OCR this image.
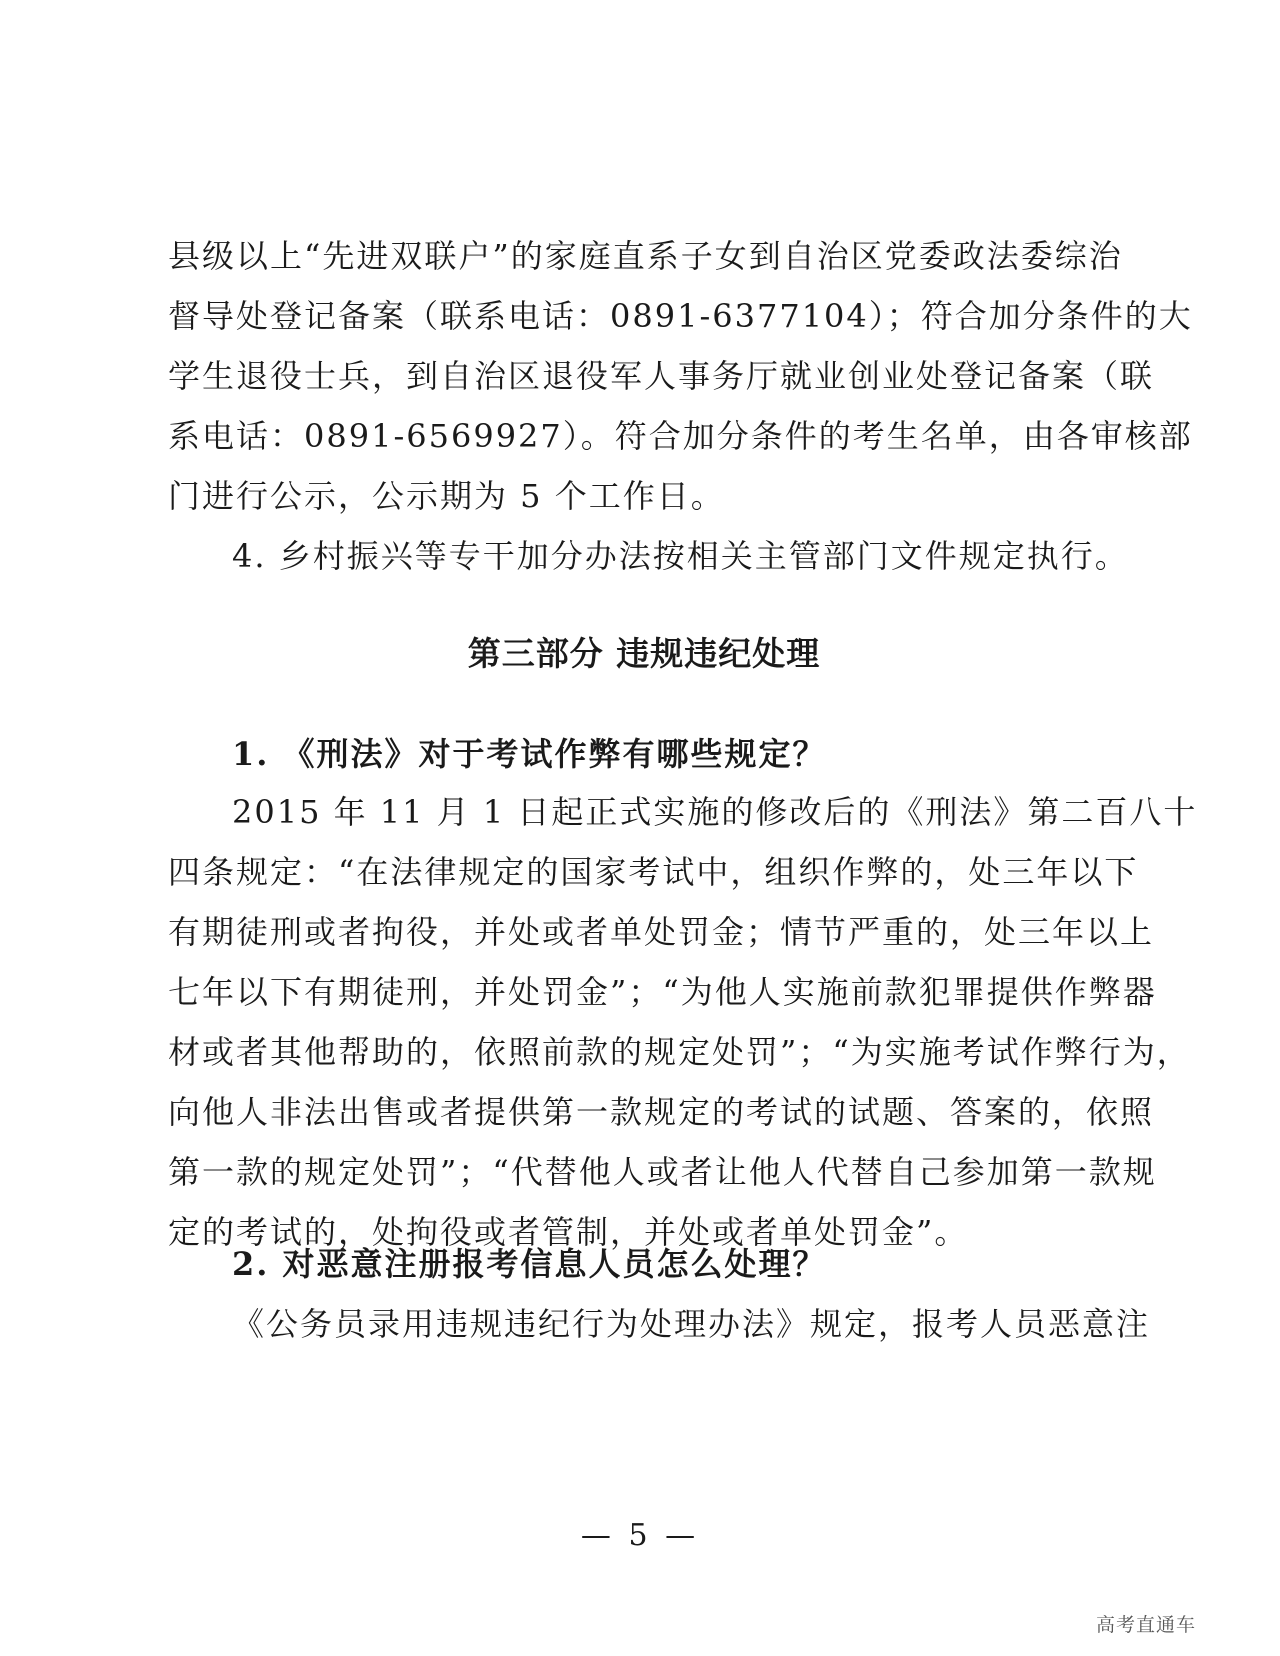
县级以上“先进双联户”的家庭直系子女到自治区党委政法委综治
督导处登记备案（联系电话：0891-6377104）；符合加分条件的大
学生退役士兵，到自治区退役军人事务厅就业创业处登记备案（联
系电话：0891-6569927）。符合加分条件的考生名单，由各审核部
门进行公示，公示期为 5 个工作日。

4. 乡村振兴等专干加分办法按相关主管部门文件规定执行。

第三部分 违规违纪处理

1. 《刑法》对于考试作弊有哪些规定？

2015 年 11 月 1 日起正式实施的修改后的《刑法》第二百八十
四条规定：“在法律规定的国家考试中，组织作弊的，处三年以下
有期徒刑或者拘役，并处或者单处罚金；情节严重的，处三年以上
七年以下有期徒刑，并处罚金”；“为他人实施前款犯罪提供作弊器
材或者其他帮助的，依照前款的规定处罚”；“为实施考试作弊行为，
向他人非法出售或者提供第一款规定的考试的试题、答案的，依照
第一款的规定处罚”；“代替他人或者让他人代替自己参加第一款规
定的考试的，处拘役或者管制，并处或者单处罚金”。

2. 对恶意注册报考信息人员怎么处理？

《公务员录用违规违纪行为处理办法》规定，报考人员恶意注

— 5 —
高考直通车
